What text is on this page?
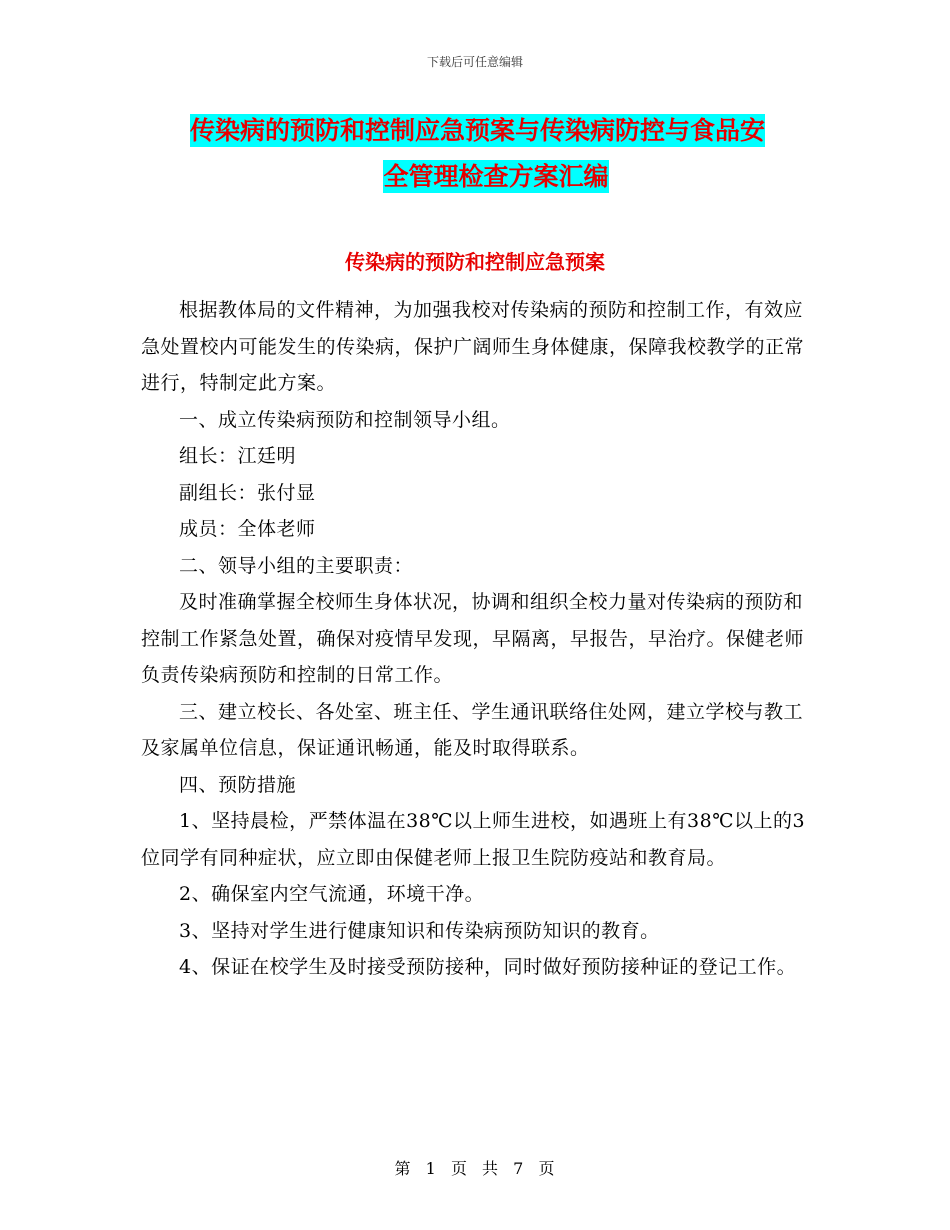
下载后可任意编辑
传染病的预防和控制应急预案与传染病防控与食品安
全管理检查方案汇编
传染病的预防和控制应急预案

根据教体局的文件精神，为加强我校对传染病的预防和控制工作，有效应急处置校内可能发生的传染病，保护广阔师生身体健康，保障我校教学的正常进行，特制定此方案。

一、成立传染病预防和控制领导小组。

组长：江廷明

副组长：张付显

成员：全体老师

二、领导小组的主要职责：

及时准确掌握全校师生身体状况，协调和组织全校力量对传染病的预防和控制工作紧急处置，确保对疫情早发现，早隔离，早报告，早治疗。保健老师负责传染病预防和控制的日常工作。

三、建立校长、各处室、班主任、学生通讯联络住处网，建立学校与教工及家属单位信息，保证通讯畅通，能及时取得联系。

四、预防措施

1、坚持晨检，严禁体温在38℃以上师生进校，如遇班上有38℃以上的3位同学有同种症状，应立即由保健老师上报卫生院防疫站和教育局。

2、确保室内空气流通，环境干净。

3、坚持对学生进行健康知识和传染病预防知识的教育。

4、保证在校学生及时接受预防接种，同时做好预防接种证的登记工作。

第 1 页 共 7 页
